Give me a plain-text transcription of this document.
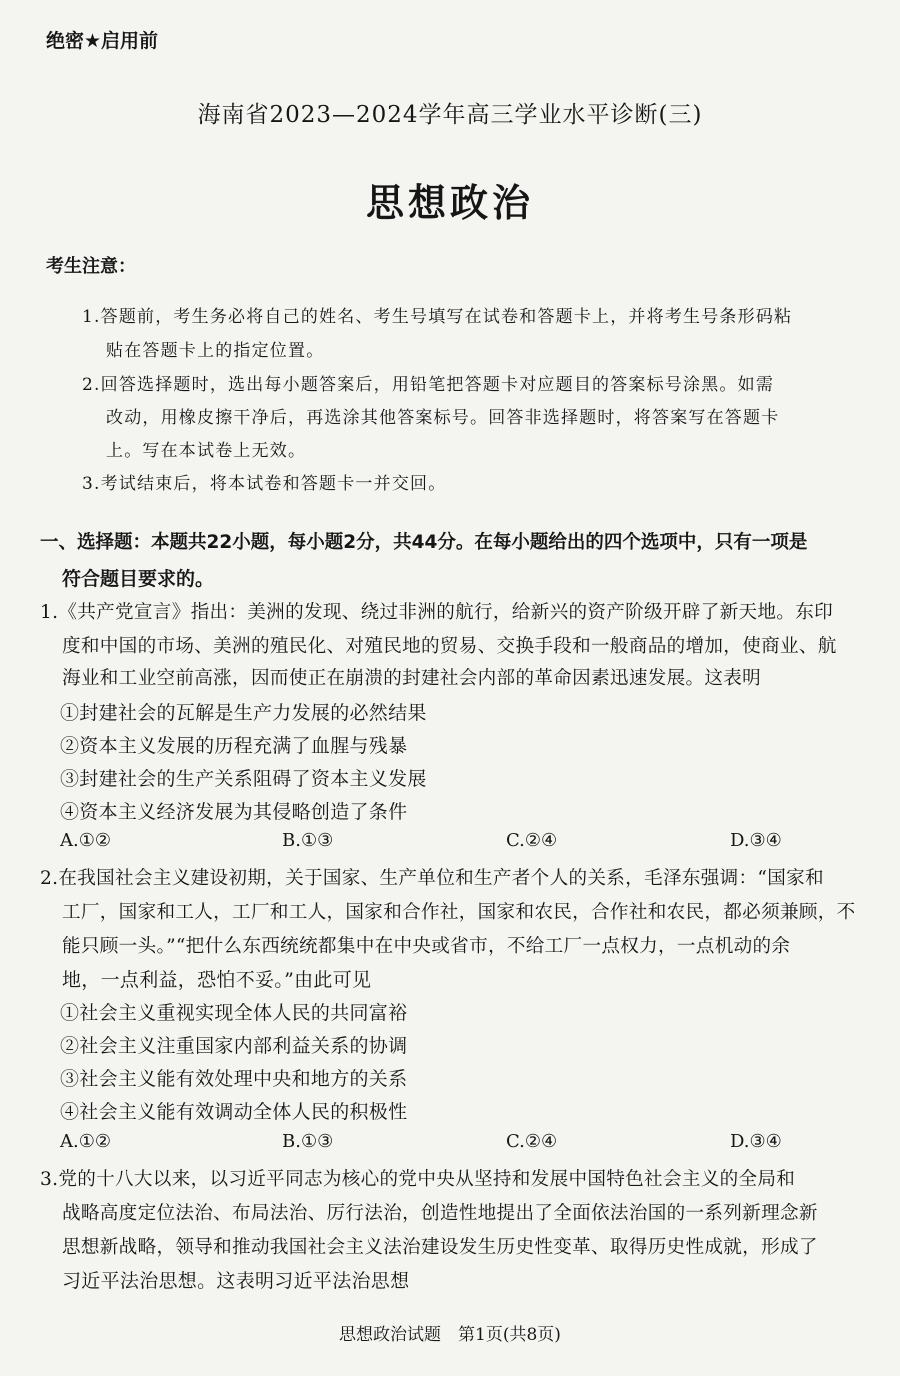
绝密★启用前
海南省2023—2024学年高三学业水平诊断(三)
思想政治
考生注意：
1.答题前，考生务必将自己的姓名、考生号填写在试卷和答题卡上，并将考生号条形码粘
贴在答题卡上的指定位置。
2.回答选择题时，选出每小题答案后，用铅笔把答题卡对应题目的答案标号涂黑。如需
改动，用橡皮擦干净后，再选涂其他答案标号。回答非选择题时，将答案写在答题卡
上。写在本试卷上无效。
3.考试结束后，将本试卷和答题卡一并交回。
一、选择题：本题共22小题，每小题2分，共44分。在每小题给出的四个选项中，只有一项是
符合题目要求的。
1.《共产党宣言》指出：美洲的发现、绕过非洲的航行，给新兴的资产阶级开辟了新天地。东印
度和中国的市场、美洲的殖民化、对殖民地的贸易、交换手段和一般商品的增加，使商业、航
海业和工业空前高涨，因而使正在崩溃的封建社会内部的革命因素迅速发展。这表明
①封建社会的瓦解是生产力发展的必然结果
②资本主义发展的历程充满了血腥与残暴
③封建社会的生产关系阻碍了资本主义发展
④资本主义经济发展为其侵略创造了条件
A.①②	B.①③	C.②④	D.③④
2.在我国社会主义建设初期，关于国家、生产单位和生产者个人的关系，毛泽东强调：“国家和
工厂，国家和工人，工厂和工人，国家和合作社，国家和农民，合作社和农民，都必须兼顾，不
能只顾一头。”“把什么东西统统都集中在中央或省市，不给工厂一点权力，一点机动的余
地，一点利益，恐怕不妥。”由此可见
①社会主义重视实现全体人民的共同富裕
②社会主义注重国家内部利益关系的协调
③社会主义能有效处理中央和地方的关系
④社会主义能有效调动全体人民的积极性
A.①②	B.①③	C.②④	D.③④
3.党的十八大以来，以习近平同志为核心的党中央从坚持和发展中国特色社会主义的全局和
战略高度定位法治、布局法治、厉行法治，创造性地提出了全面依法治国的一系列新理念新
思想新战略，领导和推动我国社会主义法治建设发生历史性变革、取得历史性成就，形成了
习近平法治思想。这表明习近平法治思想
思想政治试题　第1页(共8页)
